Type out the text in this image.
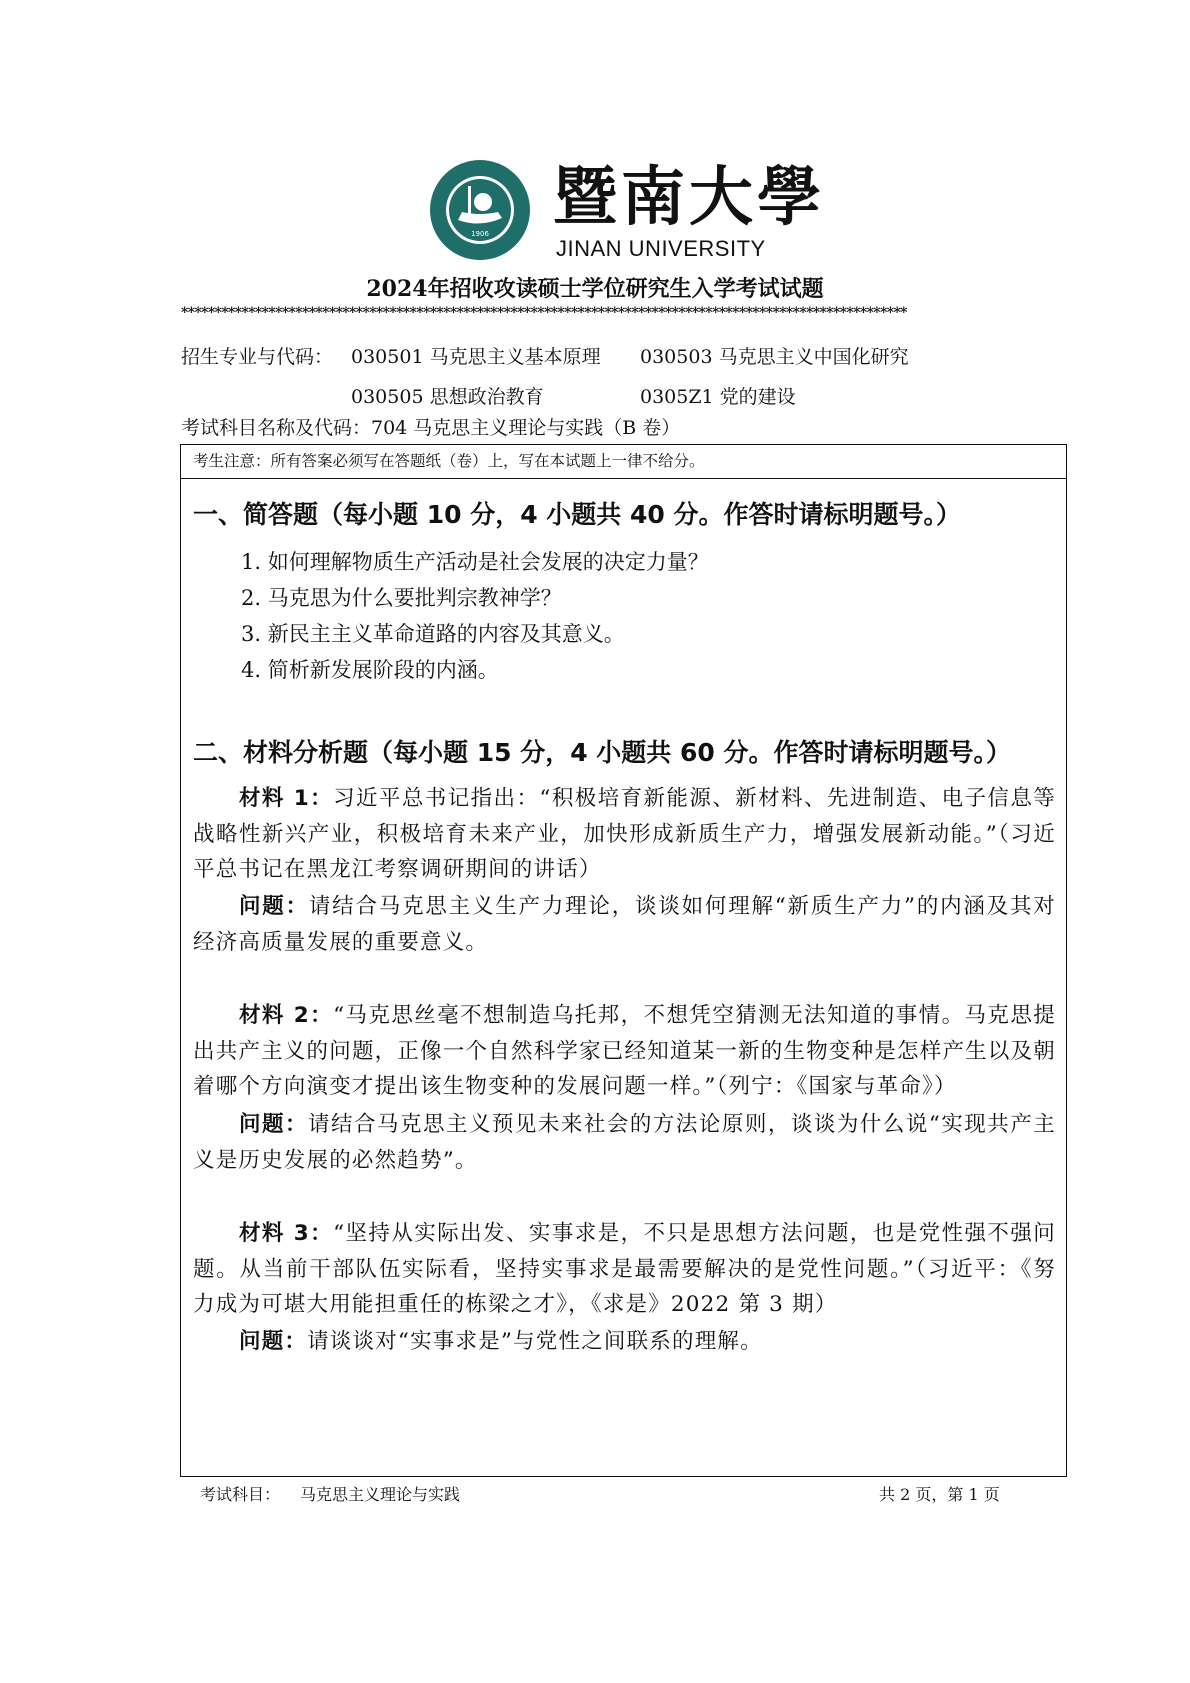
1906 暨南大學
JINAN UNIVERSITY
2024年招收攻读硕士学位研究生入学考试试题
************************************************************************************************************
招生专业与代码： 030501 马克思主义基本原理 030503 马克思主义中国化研究
030505 思想政治教育	0305Z1 党的建设
考试科目名称及代码： 704 马克思主义理论与实践（B 卷）
考生注意：所有答案必须写在答题纸（卷）上，写在本试题上一律不给分。
一、简答题（每小题 10 分，4 小题共 40 分。作答时请标明题号。）
1. 如何理解物质生产活动是社会发展的决定力量？
2. 马克思为什么要批判宗教神学？
3. 新民主主义革命道路的内容及其意义。
4. 简析新发展阶段的内涵。
二、材料分析题（每小题 15 分，4 小题共 60 分。作答时请标明题号。）
材料 1：习近平总书记指出：“积极培育新能源、新材料、先进制造、电子信息等战略性新兴产业，积极培育未来产业，加快形成新质生产力，增强发展新动能。”（习近平总书记在黑龙江考察调研期间的讲话）
问题：请结合马克思主义生产力理论，谈谈如何理解“新质生产力”的内涵及其对经济高质量发展的重要意义。
材料 2：“马克思丝毫不想制造乌托邦，不想凭空猜测无法知道的事情。马克思提出共产主义的问题，正像一个自然科学家已经知道某一新的生物变种是怎样产生以及朝着哪个方向演变才提出该生物变种的发展问题一样。”（列宁：《国家与革命》）
问题：请结合马克思主义预见未来社会的方法论原则，谈谈为什么说“实现共产主义是历史发展的必然趋势”。
材料 3：“坚持从实际出发、实事求是，不只是思想方法问题，也是党性强不强问题。从当前干部队伍实际看，坚持实事求是最需要解决的是党性问题。”（习近平：《努力成为可堪大用能担重任的栋梁之才》，《求是》2022 第 3 期）
问题：请谈谈对“实事求是”与党性之间联系的理解。
考试科目： 马克思主义理论与实践	共 2 页，第 1 页
